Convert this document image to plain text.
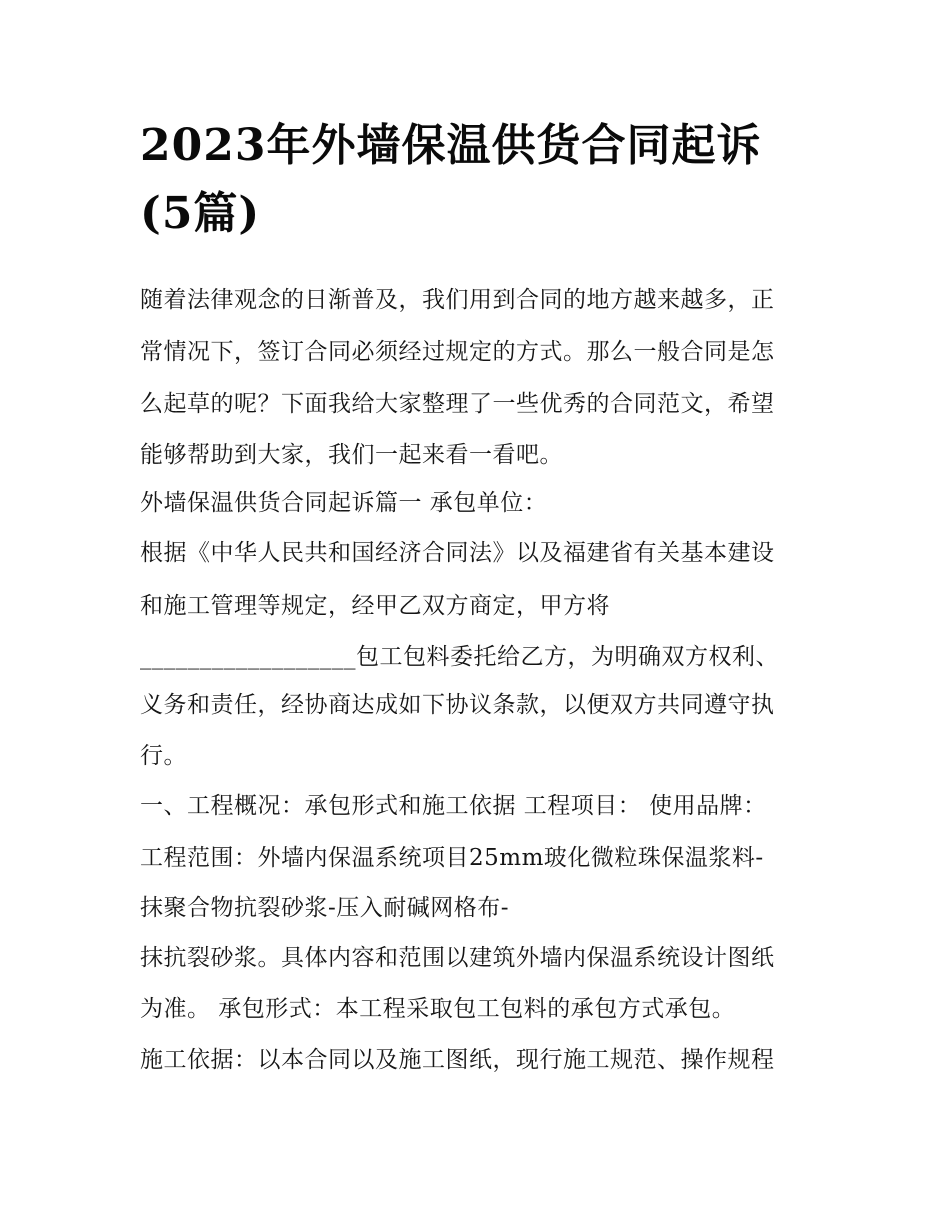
2023年外墙保温供货合同起诉
(5篇)

随着法律观念的日渐普及，我们用到合同的地方越来越多，正

常情况下，签订合同必须经过规定的方式。那么一般合同是怎

么起草的呢？下面我给大家整理了一些优秀的合同范文，希望

能够帮助到大家，我们一起来看一看吧。

外墙保温供货合同起诉篇一 承包单位：

根据《中华人民共和国经济合同法》以及福建省有关基本建设

和施工管理等规定，经甲乙双方商定，甲方将

__________________包工包料委托给乙方，为明确双方权利、

义务和责任，经协商达成如下协议条款，以便双方共同遵守执

行。

一、工程概况：承包形式和施工依据 工程项目： 使用品牌：

工程范围：外墙内保温系统项目25mm玻化微粒珠保温浆料-

抹聚合物抗裂砂浆-压入耐碱网格布-

抹抗裂砂浆。具体内容和范围以建筑外墙内保温系统设计图纸

为准。 承包形式：本工程采取包工包料的承包方式承包。

施工依据：以本合同以及施工图纸，现行施工规范、操作规程
